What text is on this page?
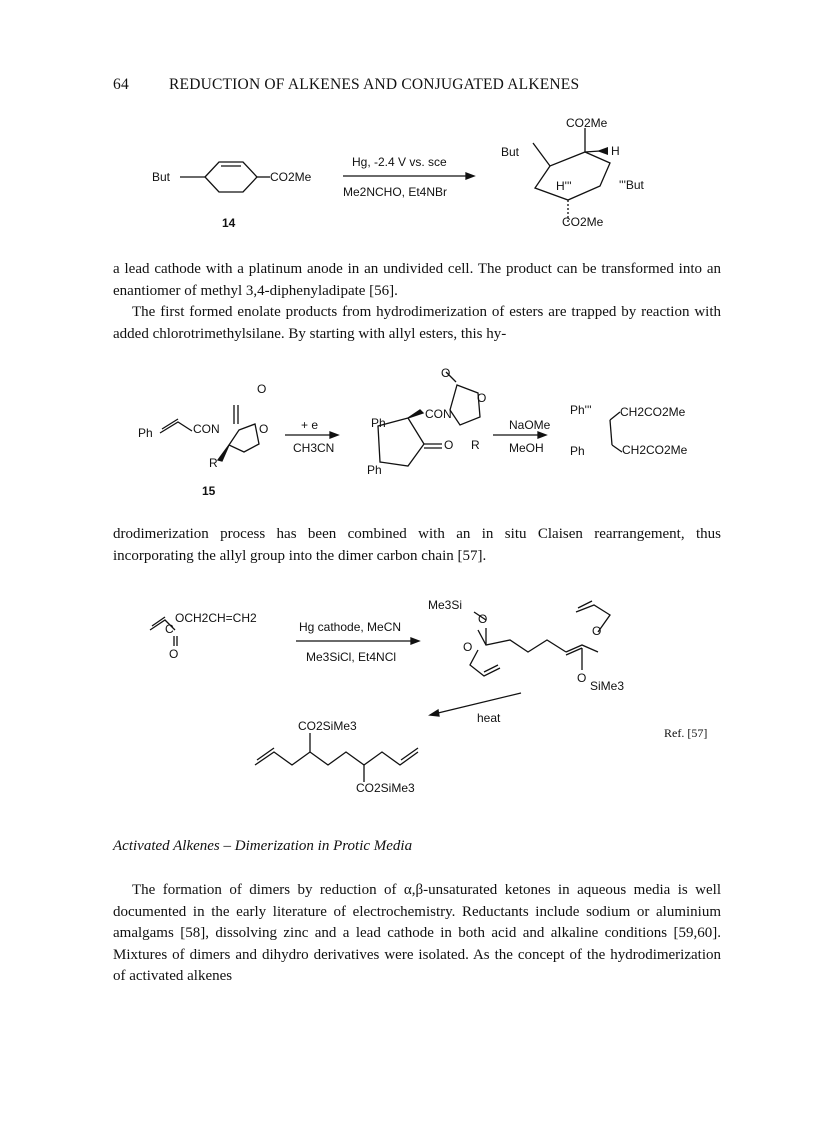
64	REDUCTION OF ALKENES AND CONJUGATED ALKENES
But	CO2Me
14
Hg, -2.4 V vs. sce
Me2NCHO, Et4NBr
CO2Me
But	H
H'''	'''But
CO2Me

a lead cathode with a platinum anode in an undivided cell. The product can be transformed into an enantiomer of methyl 3,4-diphenyladipate [56].

The first formed enolate products from hydrodimerization of esters are trapped by reaction with added chlorotrimethylsilane. By starting with allyl esters, this hy-

O
Ph	CON	O
R
15
+ e
CH3CN
O
O
Ph
CON
O R
Ph
NaOMe
MeOH
Ph''' CH2CO2Me
Ph	CH2CO2Me

drodimerization process has been combined with an in situ Claisen rearrangement, thus incorporating the allyl group into the dimer carbon chain [57].

C
OCH2CH=CH2
O
Hg cathode, MeCN
Me3SiCl, Et4NCl
Me3Si
O
O
O
O
SiMe3
heat
CO2SiMe3
CO2SiMe3
Ref. [57]
Activated Alkenes – Dimerization in Protic Media

The formation of dimers by reduction of α,β-unsaturated ketones in aqueous media is well documented in the early literature of electrochemistry. Reductants include sodium or aluminium amalgams [58], dissolving zinc and a lead cathode in both acid and alkaline conditions [59,60]. Mixtures of dimers and dihydro derivatives were isolated. As the concept of the hydrodimerization of activated alkenes
